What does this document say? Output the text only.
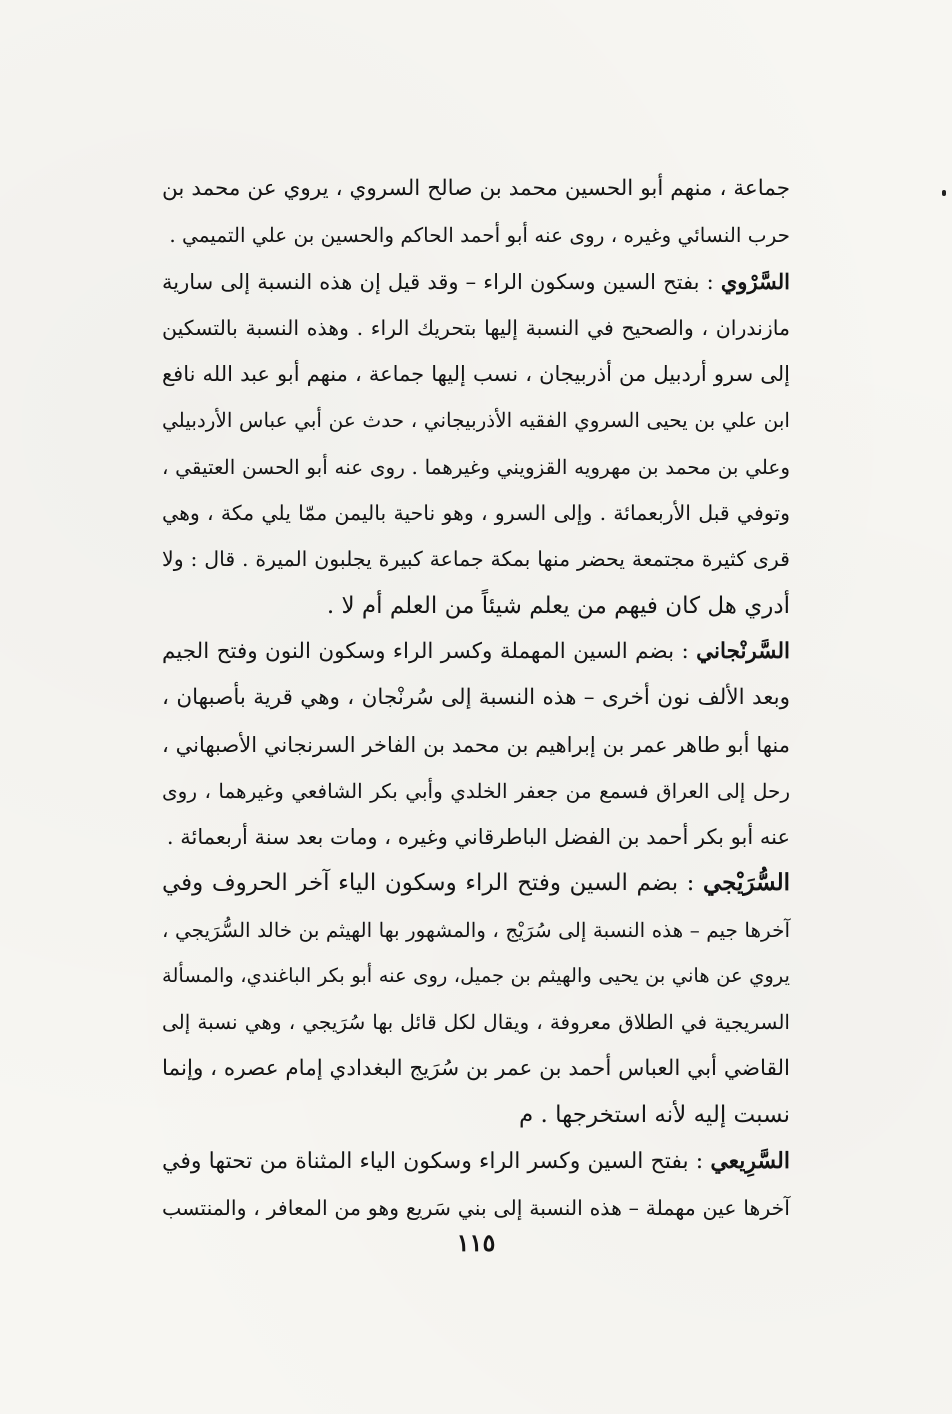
جماعة ، منهم أبو الحسين محمد بن صالح السروي ، يروي عن محمد بن
حرب النسائي وغيره ، روى عنه أبو أحمد الحاكم والحسين بن علي التميمي .
السَّرْوي : بفتح السين وسكون الراء – وقد قيل إن هذه النسبة إلى سارية
مازندران ، والصحيح في النسبة إليها بتحريك الراء . وهذه النسبة بالتسكين
إلى سرو أردبيل من أذربيجان ، نسب إليها جماعة ، منهم أبو عبد الله نافع
ابن علي بن يحيى السروي الفقيه الأذربيجاني ، حدث عن أبي عباس الأردبيلي
وعلي بن محمد بن مهرويه القزويني وغيرهما . روى عنه أبو الحسن العتيقي ،
وتوفي قبل الأربعمائة . وإلى السرو ، وهو ناحية باليمن ممّا يلي مكة ، وهي
قرى كثيرة مجتمعة يحضر منها بمكة جماعة كبيرة يجلبون الميرة . قال : ولا
أدري هل كان فيهم من يعلم شيئاً من العلم أم لا .
السَّرنْجاني : بضم السين المهملة وكسر الراء وسكون النون وفتح الجيم
وبعد الألف نون أخرى – هذه النسبة إلى سُرنْجان ، وهي قرية بأصبهان ،
منها أبو طاهر عمر بن إبراهيم بن محمد بن الفاخر السرنجاني الأصبهاني ،
رحل إلى العراق فسمع من جعفر الخلدي وأبي بكر الشافعي وغيرهما ، روى
عنه أبو بكر أحمد بن الفضل الباطرقاني وغيره ، ومات بعد سنة أربعمائة .
السُّرَيْجي : بضم السين وفتح الراء وسكون الياء آخر الحروف وفي
آخرها جيم – هذه النسبة إلى سُرَيْج ، والمشهور بها الهيثم بن خالد السُّرَيجي ،
يروي عن هاني بن يحيى والهيثم بن جميل، روى عنه أبو بكر الباغندي، والمسألة
السريجية في الطلاق معروفة ، ويقال لكل قائل بها سُرَيجي ، وهي نسبة إلى
القاضي أبي العباس أحمد بن عمر بن سُرَيج البغدادي إمام عصره ، وإنما
نسبت إليه لأنه استخرجها . م
السَّرِيعي : بفتح السين وكسر الراء وسكون الياء المثناة من تحتها وفي
آخرها عين مهملة – هذه النسبة إلى بني سَريع وهو من المعافر ، والمنتسب
١١٥
